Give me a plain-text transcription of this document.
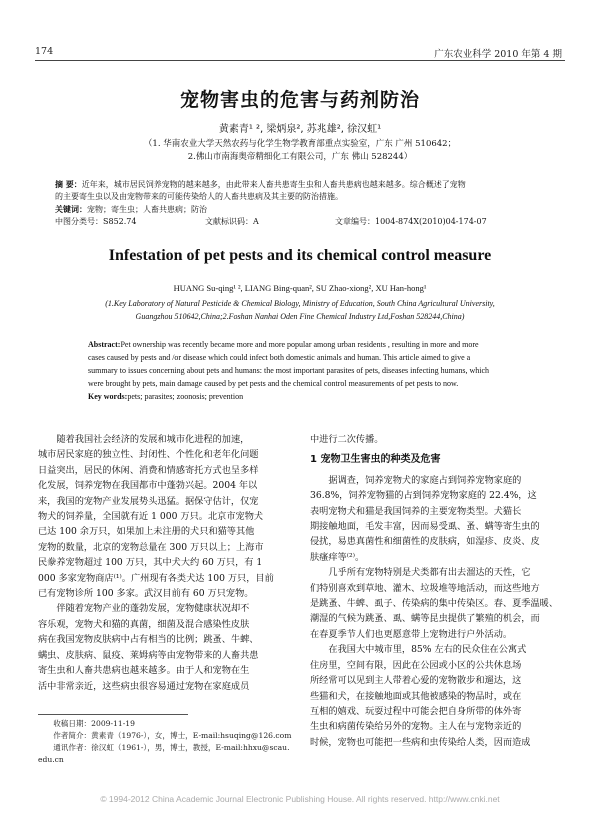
174	广东农业科学 2010 年第 4 期
宠物害虫的危害与药剂防治
黄素青¹ ², 梁炳泉², 苏兆雄², 徐汉虹¹
（1. 华南农业大学天然农药与化学生物学教育部重点实验室，广东 广州 510642；
2.佛山市南海奥帝精细化工有限公司，广东 佛山 528244）
摘 要：近年来，城市居民饲养宠物的越来越多，由此带来人畜共患寄生虫和人畜共患病也越来越多。综合概述了宠物
的主要寄生虫以及由宠物带来的可能传染给人的人畜共患病及其主要的防治措施。
关键词：宠物；寄生虫；人畜共患病；防治
中图分类号：S852.74	文献标识码：A	文章编号：1004-874X(2010)04-174-07
Infestation of pet pests and its chemical control measure
HUANG Su-qing¹ ², LIANG Bing-quan², SU Zhao-xiong², XU Han-hong¹
(1.Key Laboratory of Natural Pesticide & Chemical Biology, Ministry of Education, South China Agricultural University,
Guangzhou 510642,China;2.Foshan Nanhai Oden Fine Chemical Industry Ltd,Foshan 528244,China)
Abstract:Pet ownership was recently became more and more popular among urban residents , resulting in more and more
cases caused by pests and /or disease which could infect both domestic animals and human. This article aimed to give a
summary to issues concerning about pets and humans: the most important parasites of pets, diseases infecting humans, which
were brought by pets, main damage caused by pet pests and the chemical control measurements of pet pests to now.
Key words:pets; parasites; zoonosis; prevention
随着我国社会经济的发展和城市化进程的加速，
城市居民家庭的独立性、封闭性、个性化和老年化问题
日益突出，居民的休闲、消费和情感寄托方式也呈多样
化发展，饲养宠物在我国都市中蓬勃兴起。2004 年以
来，我国的宠物产业发展势头迅猛。据保守估计，仅宠
物犬的饲养量，全国就有近 1 000 万只。北京市宠物犬
已达 100 余万只，如果加上未注册的犬只和猫等其他
宠物的数量，北京的宠物总量在 300 万只以上；上海市
民豢养宠物超过 100 万只，其中犬大约 60 万只，有 1
000 多家宠物商店⁽¹⁾。广州现有各类犬达 100 万只，目前
已有宠物诊所 100 多家。武汉目前有 60 万只宠物。
伴随着宠物产业的蓬勃发展，宠物健康状况却不
容乐观，宠物犬和猫的真菌，细菌及混合感染性皮肤
病在我国宠物皮肤病中占有相当的比例；跳蚤、牛蜱、
螨虫、皮肤病、鼠疫、莱姆病等由宠物带来的人畜共患
寄生虫和人畜共患病也越来越多。由于人和宠物在生
活中非常亲近，这些病虫很容易通过宠物在家庭成员
收稿日期：2009-11-19
作者简介：黄素青（1976-），女，博士，E-mail:hsuqing@126.com
通讯作者：徐汉虹（1961-），男，博士，教授，E-mail:hhxu@scau.
edu.cn
中进行二次传播。
1 宠物卫生害虫的种类及危害
据调查，饲养宠物犬的家庭占到饲养宠物家庭的
36.8%，饲养宠物猫的占到饲养宠物家庭的 22.4%，这
表明宠物犬和猫是我国饲养的主要宠物类型。犬猫长
期接触地面，毛发丰富，因而易受虱、蚤、螨等寄生虫的
侵扰，易患真菌性和细菌性的皮肤病，如湿疹、皮炎、皮
肤瘙痒等⁽²⁾。
几乎所有宠物特别是犬类都有出去溜达的天性，它
们特别喜欢到草地、灌木、垃圾堆等地活动，而这些地方
是跳蚤、牛蜱、虱子、传染病的集中传染区。春、夏季温暖、
潮湿的气候为跳蚤、虱、螨等昆虫提供了繁殖的机会，而
在春夏季节人们也更愿意带上宠物进行户外活动。
在我国大中城市里，85% 左右的民众住在公寓式
住房里，空间有限，因此在公园或小区的公共休息场
所经常可以见到主人带着心爱的宠物散步和遛达，这
些猫和犬，在接触地面或其他被感染的物品时，或在
互相的嬉戏、玩耍过程中可能会把自身所带的体外寄
生虫和病菌传染给另外的宠物。主人在与宠物亲近的
时候，宠物也可能把一些病和虫传染给人类，因而造成
© 1994-2012 China Academic Journal Electronic Publishing House. All rights reserved. http://www.cnki.net
